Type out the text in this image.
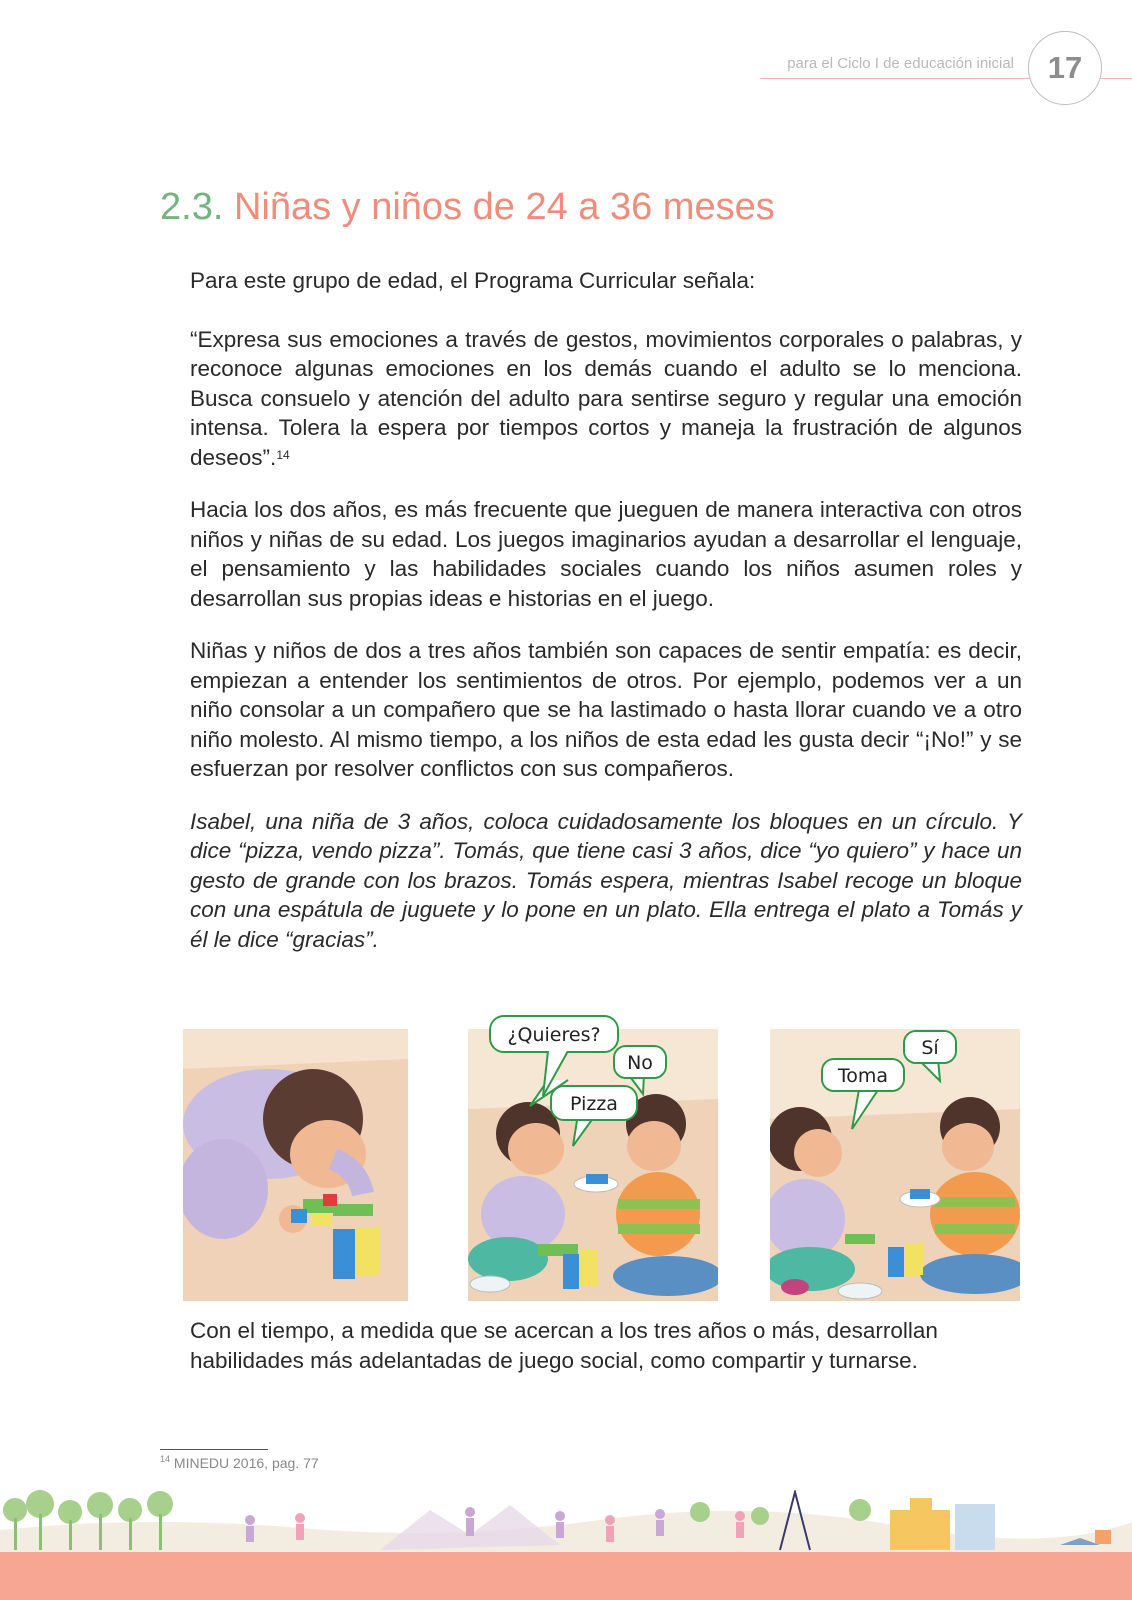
para el Ciclo I de educación inicial 17
2.3. Niñas y niños de 24 a 36 meses

Para este grupo de edad, el Programa Curricular señala:

“Expresa sus emociones a través de gestos, movimientos corporales o palabras, y reconoce algunas emociones en los demás cuando el adulto se lo menciona. Busca consuelo y atención del adulto para sentirse seguro y regular una emoción intensa. Tolera la espera por tiempos cortos y maneja la frustración de algunos deseos”.$^{14}$

Hacia los dos años, es más frecuente que jueguen de manera interactiva con otros niños y niñas de su edad. Los juegos imaginarios ayudan a desarrollar el lenguaje, el pensamiento y las habilidades sociales cuando los niños asumen roles y desarrollan sus propias ideas e historias en el juego.

Niñas y niños de dos a tres años también son capaces de sentir empatía: es decir, empiezan a entender los sentimientos de otros. Por ejemplo, podemos ver a un niño consolar a un compañero que se ha lastimado o hasta llorar cuando ve a otro niño molesto. Al mismo tiempo, a los niños de esta edad les gusta decir “¡No!” y se esfuerzan por resolver conflictos con sus compañeros.

Isabel, una niña de 3 años, coloca cuidadosamente los bloques en un círculo. Y dice “pizza, vendo pizza”. Tomás, que tiene casi 3 años, dice “yo quiero” y hace un gesto de grande con los brazos. Tomás espera, mientras Isabel recoge un bloque con una espátula de juguete y lo pone en un plato. Ella entrega el plato a Tomás y él le dice “gracias”.

¿Quieres?
No
Pizza
Toma
Sí

Con el tiempo, a medida que se acercan a los tres años o más, desarrollan habilidades más adelantadas de juego social, como compartir y turnarse.

$^{14}$ MINEDU 2016, pag. 77
